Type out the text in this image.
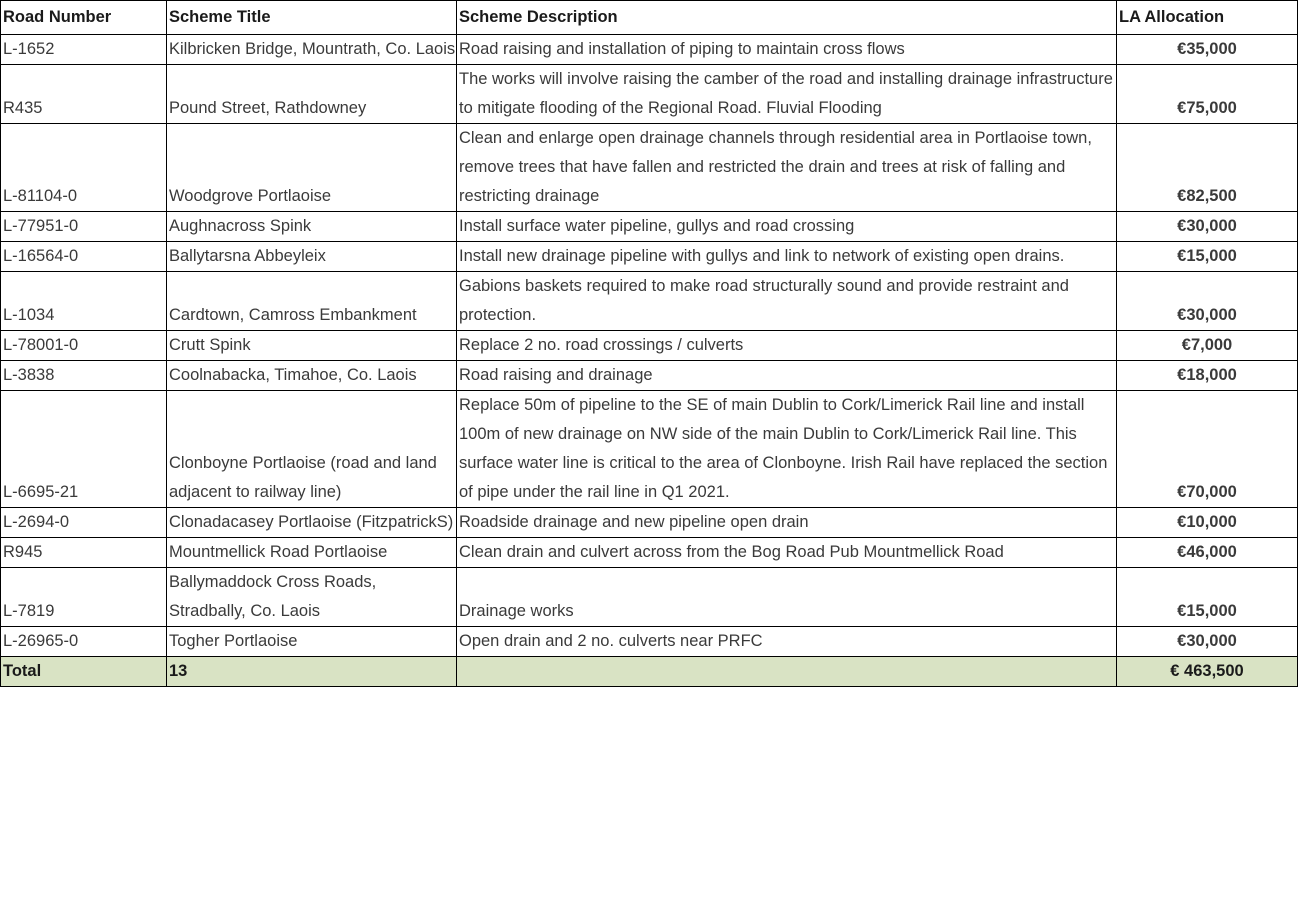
Road Number	Scheme Title	Scheme Description	LA Allocation
L-1652	Kilbricken Bridge, Mountrath, Co. Laois	Road raising and installation of piping to maintain cross flows	€35,000
R435	Pound Street, Rathdowney	The works will involve raising the camber of the road and installing drainage infrastructure to mitigate flooding of the Regional Road. Fluvial Flooding	€75,000
L-81104-0	Woodgrove Portlaoise	Clean and enlarge open drainage channels through residential area in Portlaoise town, remove trees that have fallen and restricted the drain and trees at risk of falling and restricting drainage	€82,500
L-77951-0	Aughnacross Spink	Install surface water pipeline, gullys and road crossing	€30,000
L-16564-0	Ballytarsna Abbeyleix	Install new drainage pipeline with gullys and link to network of existing open drains.	€15,000
L-1034	Cardtown, Camross Embankment	Gabions baskets required to make road structurally sound and provide restraint and protection.	€30,000
L-78001-0	Crutt Spink	Replace 2 no. road crossings / culverts	€7,000
L-3838	Coolnabacka, Timahoe, Co. Laois	Road raising and drainage	€18,000
L-6695-21	Clonboyne Portlaoise (road and land adjacent to railway line)	Replace 50m of pipeline to the SE of main Dublin to Cork/Limerick Rail line and install 100m of new drainage on NW side of the main Dublin to Cork/Limerick Rail line. This surface water line is critical to the area of Clonboyne. Irish Rail have replaced the section of pipe under the rail line in Q1 2021.	€70,000
L-2694-0	Clonadacasey Portlaoise (FitzpatrickS)	Roadside drainage and new pipeline open drain	€10,000
R945	Mountmellick Road Portlaoise	Clean drain and culvert across from the Bog Road Pub Mountmellick Road	€46,000
L-7819	Ballymaddock Cross Roads, Stradbally, Co. Laois	Drainage works	€15,000
L-26965-0	Togher Portlaoise	Open drain and 2 no. culverts near PRFC	€30,000
Total	13		€ 463,500
